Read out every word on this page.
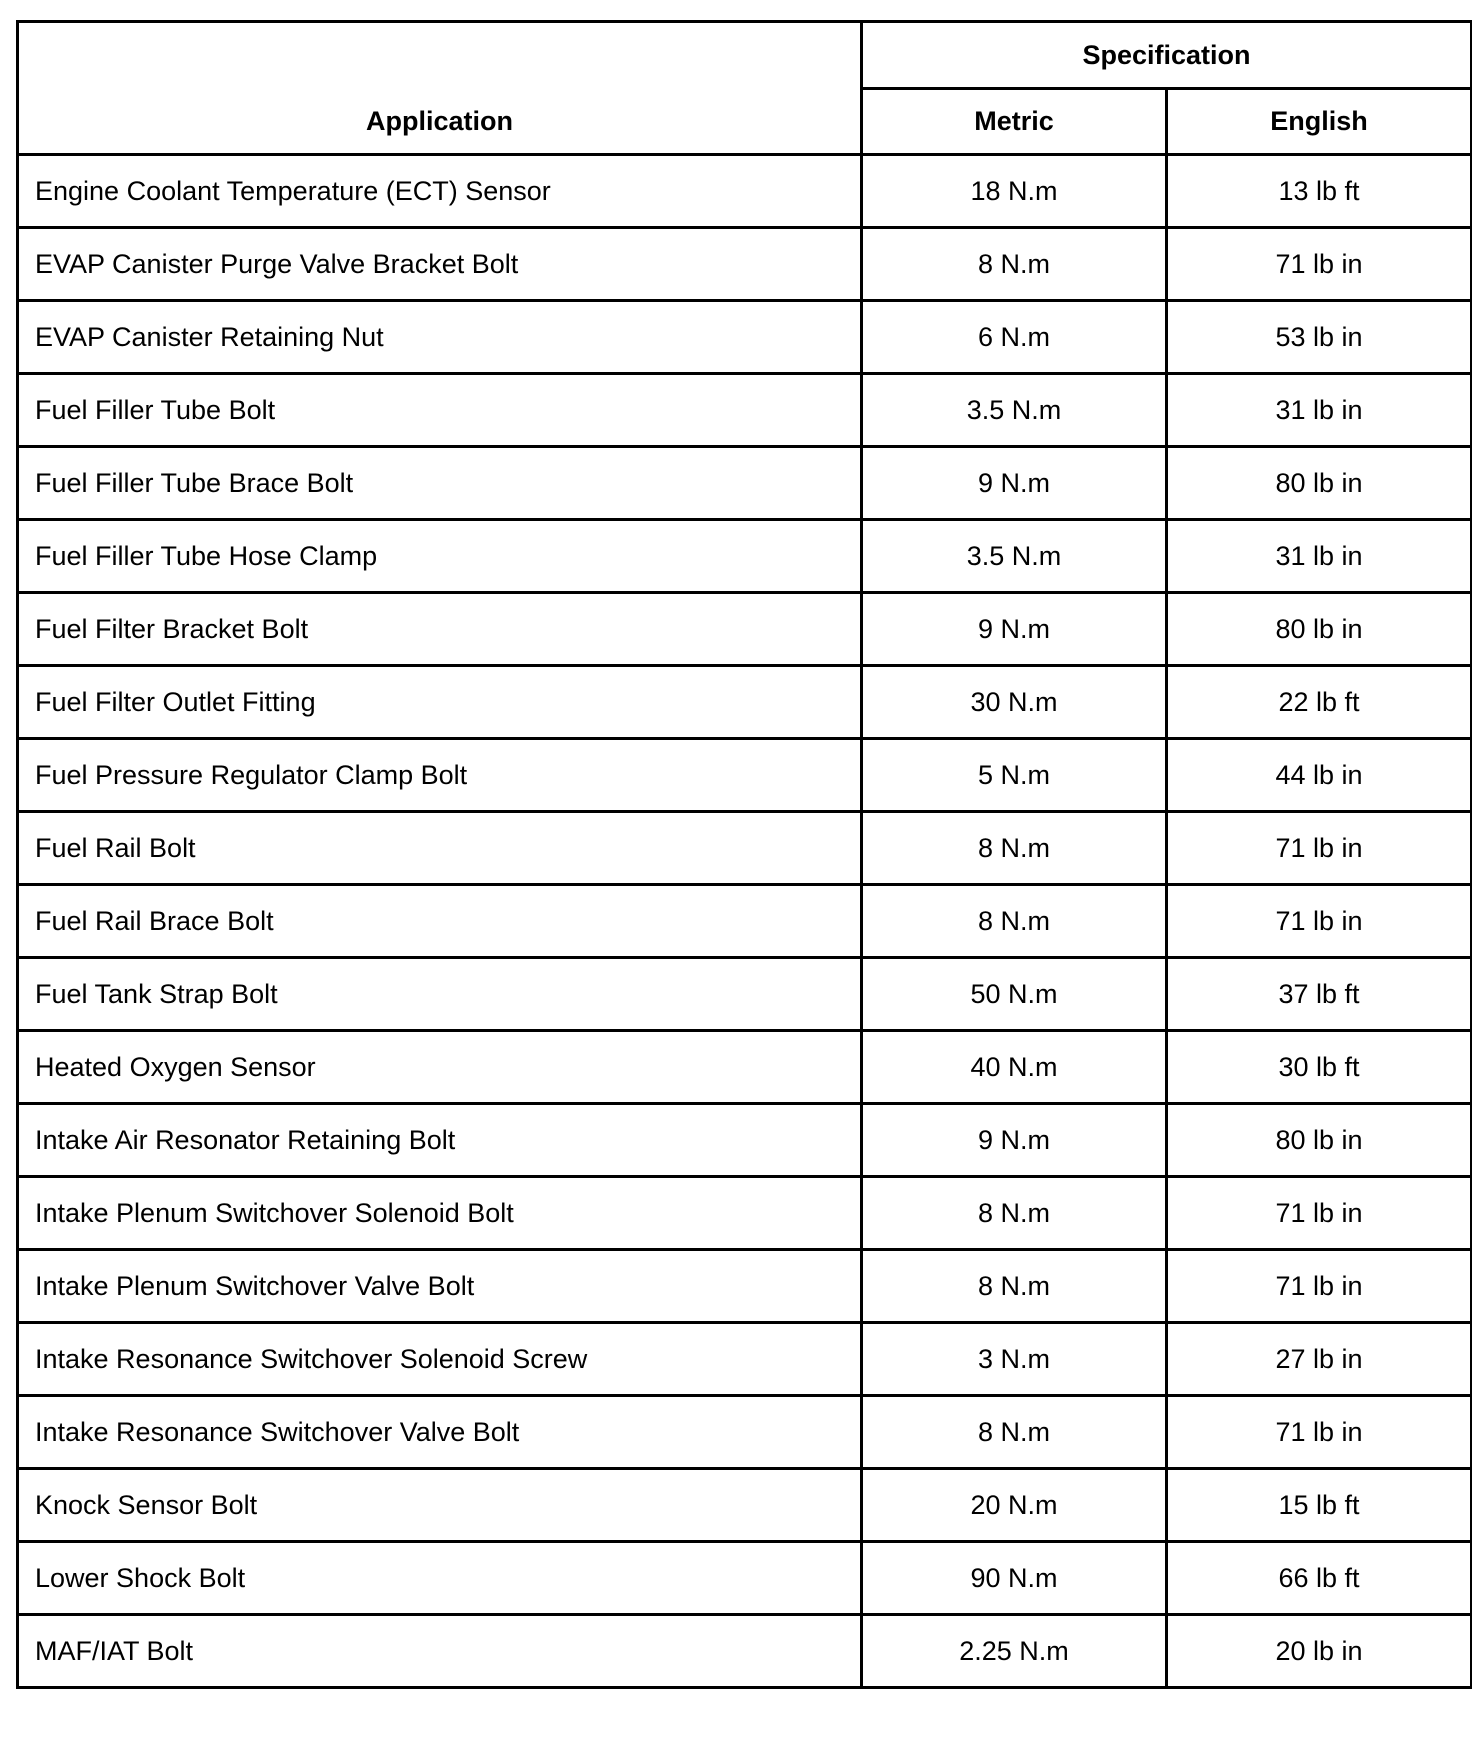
Application	Specification	
	Metric	English
Engine Coolant Temperature (ECT) Sensor	18 N.m	13 lb ft
EVAP Canister Purge Valve Bracket Bolt	8 N.m	71 lb in
EVAP Canister Retaining Nut	6 N.m	53 lb in
Fuel Filler Tube Bolt	3.5 N.m	31 lb in
Fuel Filler Tube Brace Bolt	9 N.m	80 lb in
Fuel Filler Tube Hose Clamp	3.5 N.m	31 lb in
Fuel Filter Bracket Bolt	9 N.m	80 lb in
Fuel Filter Outlet Fitting	30 N.m	22 lb ft
Fuel Pressure Regulator Clamp Bolt	5 N.m	44 lb in
Fuel Rail Bolt	8 N.m	71 lb in
Fuel Rail Brace Bolt	8 N.m	71 lb in
Fuel Tank Strap Bolt	50 N.m	37 lb ft
Heated Oxygen Sensor	40 N.m	30 lb ft
Intake Air Resonator Retaining Bolt	9 N.m	80 lb in
Intake Plenum Switchover Solenoid Bolt	8 N.m	71 lb in
Intake Plenum Switchover Valve Bolt	8 N.m	71 lb in
Intake Resonance Switchover Solenoid Screw	3 N.m	27 lb in
Intake Resonance Switchover Valve Bolt	8 N.m	71 lb in
Knock Sensor Bolt	20 N.m	15 lb ft
Lower Shock Bolt	90 N.m	66 lb ft
MAF/IAT Bolt	2.25 N.m	20 lb in
